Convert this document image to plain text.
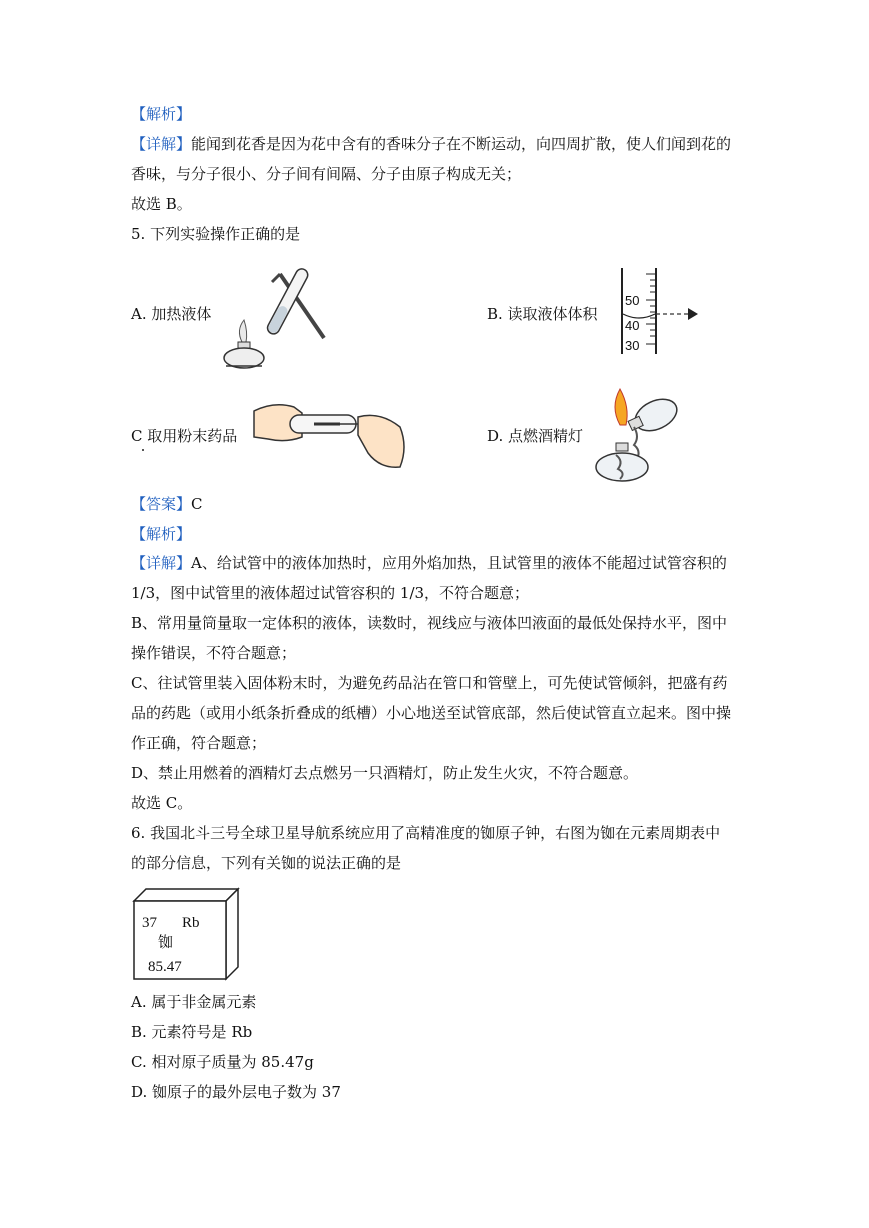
【解析】
【详解】能闻到花香是因为花中含有的香味分子在不断运动，向四周扩散，使人们闻到花的
香味，与分子很小、分子间有间隔、分子由原子构成无关；
故选 B。
5. 下列实验操作正确的是
A. 加热液体	B. 读取液体体积
C 取用粉末药品	D. 点燃酒精灯
50
40
30
【答案】C
【解析】
【详解】A、给试管中的液体加热时，应用外焰加热，且试管里的液体不能超过试管容积的
1/3，图中试管里的液体超过试管容积的 1/3，不符合题意；
B、常用量筒量取一定体积的液体，读数时，视线应与液体凹液面的最低处保持水平，图中
操作错误，不符合题意；
C、往试管里装入固体粉末时，为避免药品沾在管口和管壁上，可先使试管倾斜，把盛有药
品的药匙（或用小纸条折叠成的纸槽）小心地送至试管底部，然后使试管直立起来。图中操
作正确，符合题意；
D、禁止用燃着的酒精灯去点燃另一只酒精灯，防止发生火灾，不符合题意。
故选 C。
6. 我国北斗三号全球卫星导航系统应用了高精准度的铷原子钟，右图为铷在元素周期表中
的部分信息，下列有关铷的说法正确的是
37 Rb
铷
85.47
A. 属于非金属元素
B. 元素符号是 Rb
C. 相对原子质量为 85.47g
D. 铷原子的最外层电子数为 37
